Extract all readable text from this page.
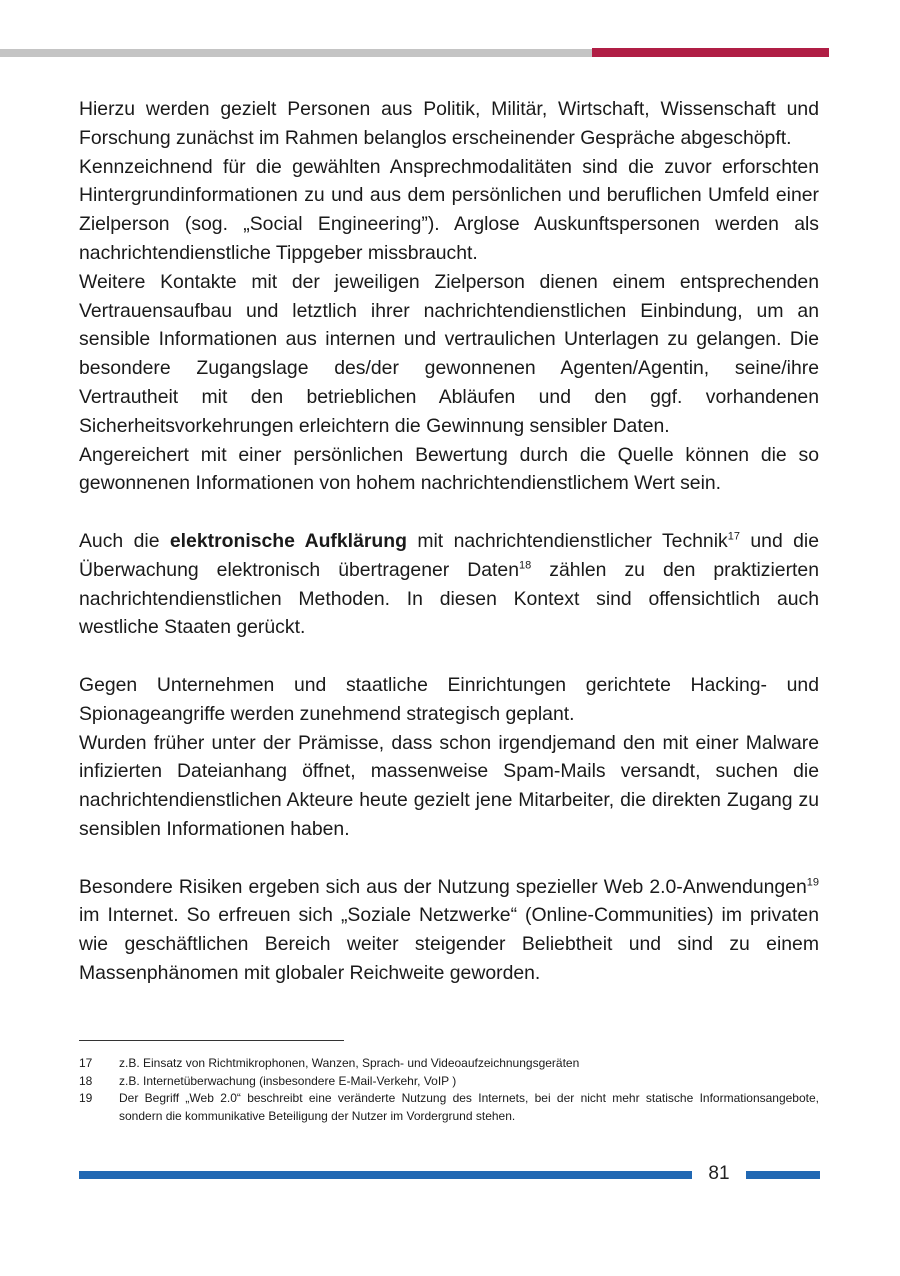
Hierzu werden gezielt Personen aus Politik, Militär, Wirtschaft, Wissenschaft und Forschung zunächst im Rahmen belanglos erscheinender Gespräche abgeschöpft.

Kennzeichnend für die gewählten Ansprechmodalitäten sind die zuvor erforschten Hintergrundinformationen zu und aus dem persönlichen und beruflichen Umfeld einer Zielperson (sog. „Social Engineering”). Arglose Auskunftspersonen werden als nachrichtendienstliche Tippgeber missbraucht.

Weitere Kontakte mit der jeweiligen Zielperson dienen einem entsprechenden Vertrauensaufbau und letztlich ihrer nachrichtendienstlichen Einbindung, um an sensible Informationen aus internen und vertraulichen Unterlagen zu gelangen. Die besondere Zugangslage des/der gewonnenen Agenten/Agentin, seine/ihre Vertrautheit mit den betrieblichen Abläufen und den ggf. vorhandenen Sicherheitsvorkehrungen erleichtern die Gewinnung sensibler Daten.

Angereichert mit einer persönlichen Bewertung durch die Quelle können die so gewonnenen Informationen von hohem nachrichtendienstlichem Wert sein.

Auch die elektronische Aufklärung mit nachrichtendienstlicher Technik$^{17}$ und die Überwachung elektronisch übertragener Daten$^{18}$ zählen zu den praktizierten nachrichtendienstlichen Methoden. In diesen Kontext sind offensichtlich auch westliche Staaten gerückt.

Gegen Unternehmen und staatliche Einrichtungen gerichtete Hacking- und Spionageangriffe werden zunehmend strategisch geplant.

Wurden früher unter der Prämisse, dass schon irgendjemand den mit einer Malware infizierten Dateianhang öffnet, massenweise Spam-Mails versandt, suchen die nachrichtendienstlichen Akteure heute gezielt jene Mitarbeiter, die direkten Zugang zu sensiblen Informationen haben.

Besondere Risiken ergeben sich aus der Nutzung spezieller Web 2.0-Anwendungen$^{19}$ im Internet. So erfreuen sich „Soziale Netzwerke“ (Online-Communities) im privaten wie geschäftlichen Bereich weiter steigender Beliebtheit und sind zu einem Massenphänomen mit globaler Reichweite geworden.

17	z.B. Einsatz von Richtmikrophonen, Wanzen, Sprach- und Videoaufzeichnungsgeräten
18	z.B. Internetüberwachung (insbesondere E-Mail-Verkehr, VoIP )
19	Der Begriff „Web 2.0“ beschreibt eine veränderte Nutzung des Internets, bei der nicht mehr statische Informationsangebote, sondern die kommunikative Beteiligung der Nutzer im Vordergrund stehen.
81
